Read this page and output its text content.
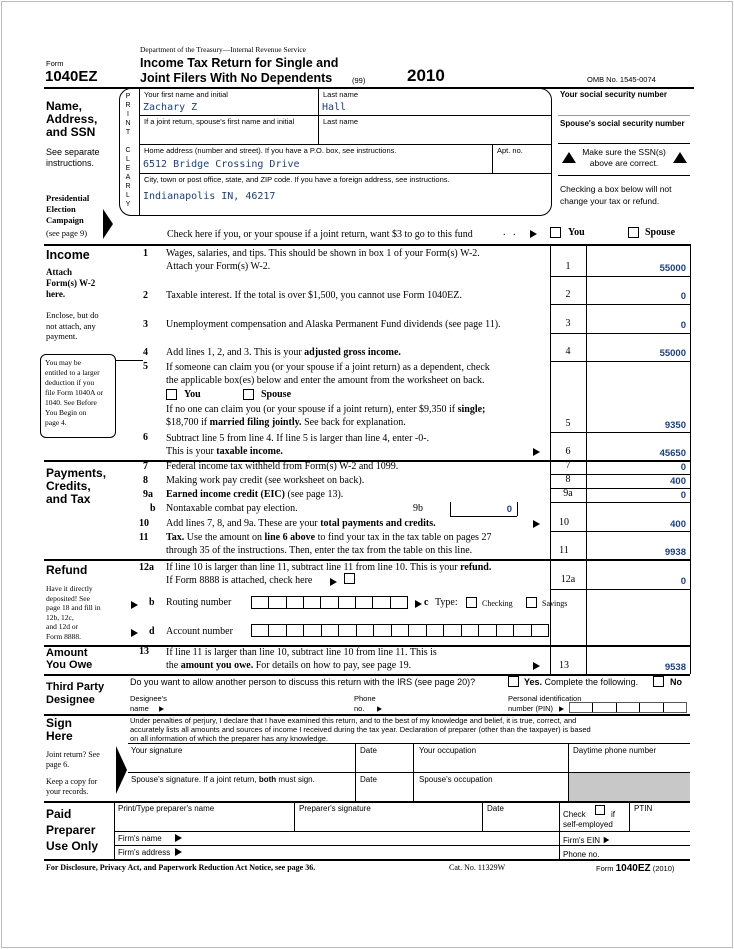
Form
1040EZ
Department of the Treasury—Internal Revenue Service
Income Tax Return for Single and
Joint Filers With No Dependents	(99) 2010	OMB No. 1545-0074
Name,
Address,
and SSN
See separate
instructions.
P
R
I
N
T

C
L
E
A
R
L
Y
Your first name and initial	Last name
Zachary Z	Hall
If a joint return, spouse's first name and initial	Last name
Home address (number and street). If you have a P.O. box, see instructions.	Apt. no.
6512 Bridge Crossing Drive
City, town or post office, state, and ZIP code. If you have a foreign address, see instructions.
Indianapolis IN, 46217
Your social security number
Spouse's social security number
Make sure the SSN(s)
above are correct.
Checking a box below will not
change your tax or refund.
Presidential
Election
Campaign
(see page 9)	Check here if you, or your spouse if a joint return, want $3 to go to this fund	.   .	You	Spouse
Income
Attach
Form(s) W-2
here.
Enclose, but do
not attach, any
payment.
You may be
entitled to a larger
deduction if you
file Form 1040A or
1040. See Before
You Begin on
page 4.
1 Wages, salaries, and tips. This should be shown in box 1 of your Form(s) W-2.
Attach your Form(s) W-2.	1	55000
2 Taxable interest. If the total is over $1,500, you cannot use Form 1040EZ.	2	0
3 Unemployment compensation and Alaska Permanent Fund dividends (see page 11).	3	0
4 Add lines 1, 2, and 3. This is your adjusted gross income.	4	55000
5 If someone can claim you (or your spouse if a joint return) as a dependent, check
the applicable box(es) below and enter the amount from the worksheet on back.
You	Spouse
If no one can claim you (or your spouse if a joint return), enter $9,350 if single;
$18,700 if married filing jointly. See back for explanation.	5	9350
6 Subtract line 5 from line 4. If line 5 is larger than line 4, enter -0-.
This is your taxable income.	6	45650
Payments,
Credits,
and Tax
7 Federal income tax withheld from Form(s) W-2 and 1099.	7	0
8 Making work pay credit (see worksheet on back).	8	400
9a Earned income credit (EIC) (see page 13).	9a	0
b Nontaxable combat pay election.	9b	0
10 Add lines 7, 8, and 9a. These are your total payments and credits.	10	400
11 Tax. Use the amount on line 6 above to find your tax in the tax table on pages 27
through 35 of the instructions. Then, enter the tax from the table on this line.	11	9938
Refund
Have it directly
deposited! See
page 18 and fill in
12b, 12c,
and 12d or
Form 8888.
12a If line 10 is larger than line 11, subtract line 11 from line 10. This is your refund.
If Form 8888 is attached, check here	12a	0
b Routing number	c Type:	Checking	Savings
d Account number
Amount
You Owe
13 If line 11 is larger than line 10, subtract line 10 from line 11. This is
the amount you owe. For details on how to pay, see page 19.	13	9538
Third Party
Designee
Do you want to allow another person to discuss this return with the IRS (see page 20)?	Yes. Complete the following.	No
Designee's
name
Phone
no.
Personal identification
number (PIN)
Sign
Here
Joint return? See
page 6.
Keep a copy for
your records.
Under penalties of perjury, I declare that I have examined this return, and to the best of my knowledge and belief, it is true, correct, and
accurately lists all amounts and sources of income I received during the tax year. Declaration of preparer (other than the taxpayer) is based
on all information of which the preparer has any knowledge.
Your signature	Date	Your occupation	Daytime phone number
Spouse's signature. If a joint return, both must sign.	Date	Spouse's occupation
Paid
Preparer
Use Only
Print/Type preparer's name	Preparer's signature	Date
Check	if
self-employed
PTIN
Firm's name	Firm's EIN
Firm's address	Phone no.
For Disclosure, Privacy Act, and Paperwork Reduction Act Notice, see page 36.	Cat. No. 11329W	Form 1040EZ (2010)
